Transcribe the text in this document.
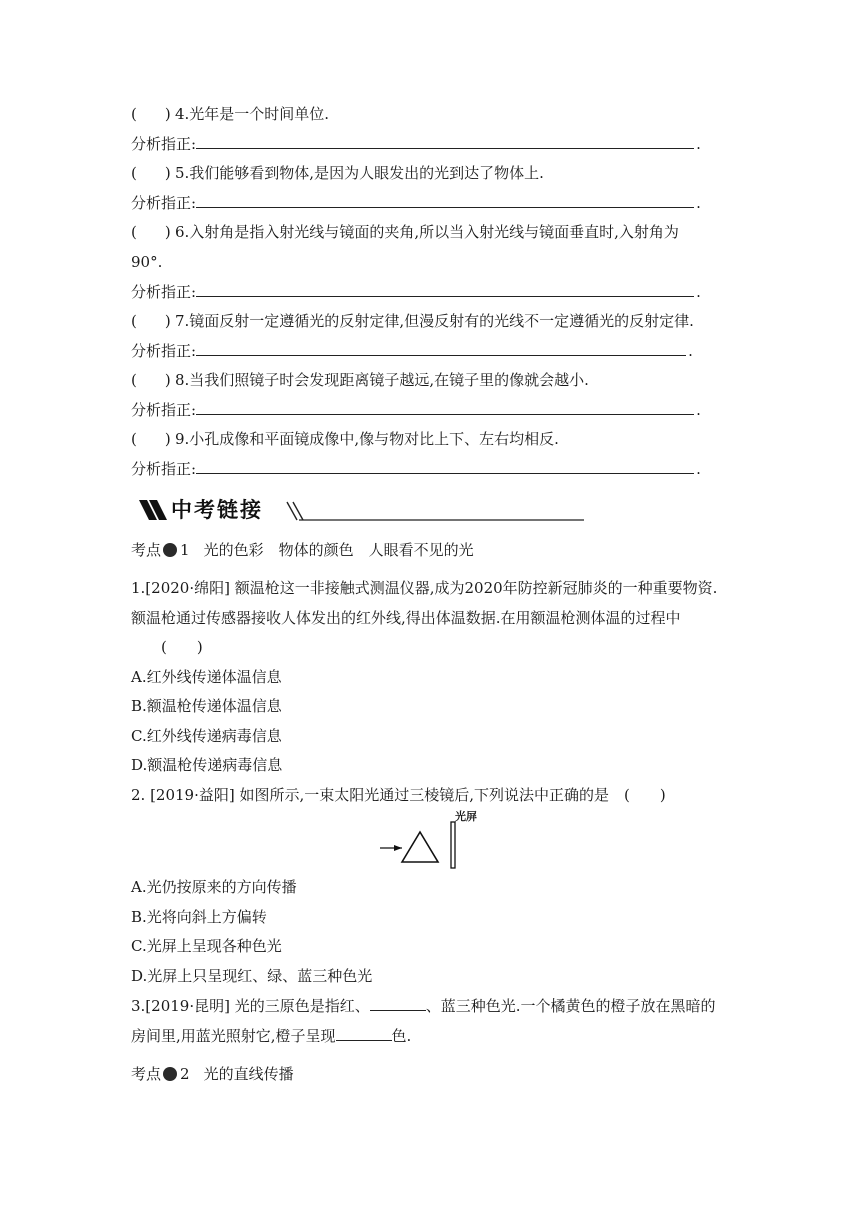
( ) 4.光年是一个时间单位.
分析指正:	.
( ) 5.我们能够看到物体,是因为人眼发出的光到达了物体上.
分析指正:	.
( ) 6.入射角是指入射光线与镜面的夹角,所以当入射光线与镜面垂直时,入射角为
90°.
分析指正:	.
( ) 7.镜面反射一定遵循光的反射定律,但漫反射有的光线不一定遵循光的反射定律.
分析指正:	.
( ) 8.当我们照镜子时会发现距离镜子越远,在镜子里的像就会越小.
分析指正:	.
( ) 9.小孔成像和平面镜成像中,像与物对比上下、左右均相反.
分析指正:	.
中考链接
考点 1 光的色彩　物体的颜色　人眼看不见的光
1.[2020·绵阳] 额温枪这一非接触式测温仪器,成为2020年防控新冠肺炎的一种重要物资.
额温枪通过传感器接收人体发出的红外线,得出体温数据.在用额温枪测体温的过程中
(　　)
A.红外线传递体温信息
B.额温枪传递体温信息
C.红外线传递病毒信息
D.额温枪传递病毒信息
2. [2019·益阳] 如图所示,一束太阳光通过三棱镜后,下列说法中正确的是　(　　)
光屏
A.光仍按原来的方向传播
B.光将向斜上方偏转
C.光屏上呈现各种色光
D.光屏上只呈现红、绿、蓝三种色光
3.[2019·昆明] 光的三原色是指红、	、蓝三种色光.一个橘黄色的橙子放在黑暗的
房间里,用蓝光照射它,橙子呈现	色.
考点 2 光的直线传播
